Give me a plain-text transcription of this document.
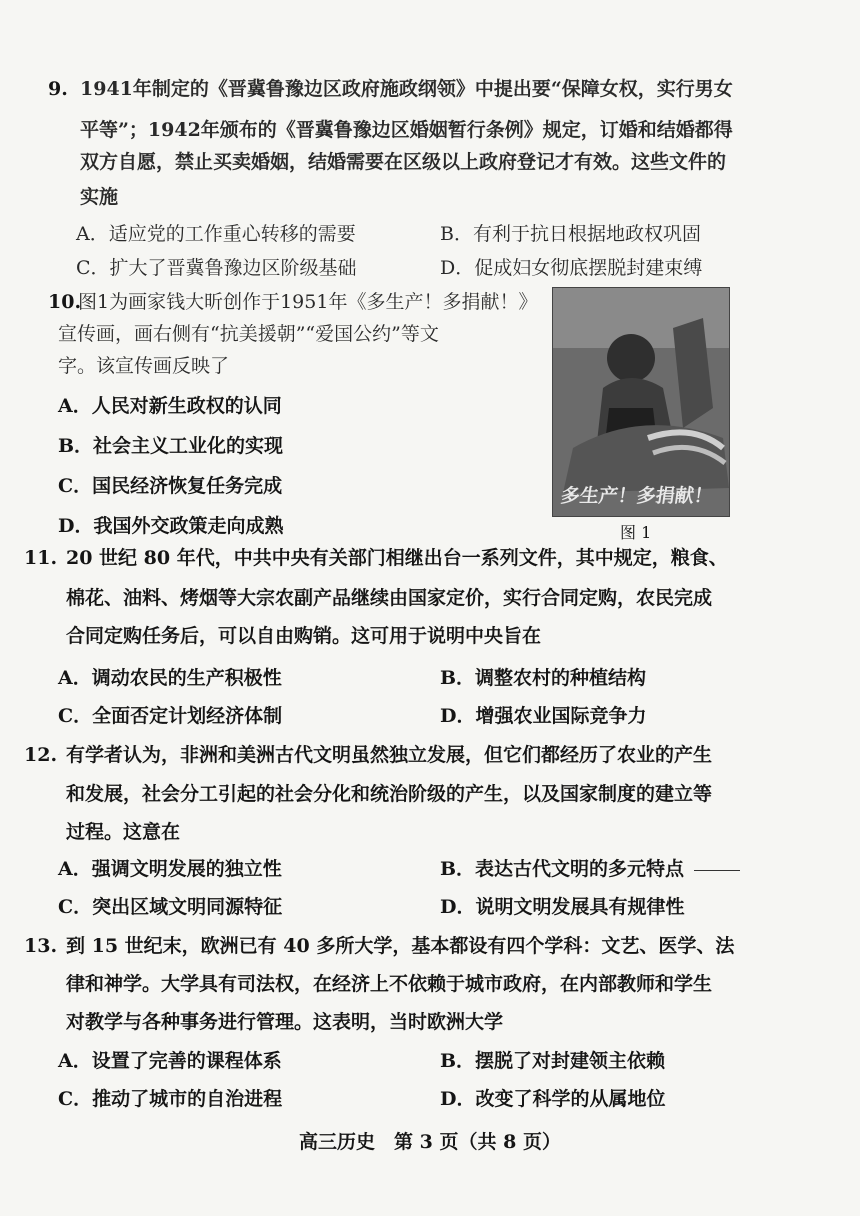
9. 1941年制定的《晋冀鲁豫边区政府施政纲领》中提出要“保障女权，实行男女
平等”；1942年颁布的《晋冀鲁豫边区婚姻暂行条例》规定，订婚和结婚都得
双方自愿，禁止买卖婚姻，结婚需要在区级以上政府登记才有效。这些文件的
实施
A．适应党的工作重心转移的需要	B．有利于抗日根据地政权巩固
C．扩大了晋冀鲁豫边区阶级基础	D．促成妇女彻底摆脱封建束缚
10.
图1为画家钱大昕创作于1951年《多生产！多捐献！》
宣传画，画右侧有“抗美援朝”“爱国公约”等文
字。该宣传画反映了
A．人民对新生政权的认同
B．社会主义工业化的实现
C．国民经济恢复任务完成
D．我国外交政策走向成熟
多生产！多捐献！
图 1
11. 20 世纪 80 年代，中共中央有关部门相继出台一系列文件，其中规定，粮食、
棉花、油料、烤烟等大宗农副产品继续由国家定价，实行合同定购，农民完成
合同定购任务后，可以自由购销。这可用于说明中央旨在
A．调动农民的生产积极性	B．调整农村的种植结构
C．全面否定计划经济体制	D．增强农业国际竞争力
12. 有学者认为，非洲和美洲古代文明虽然独立发展，但它们都经历了农业的产生
和发展，社会分工引起的社会分化和统治阶级的产生，以及国家制度的建立等
过程。这意在
A．强调文明发展的独立性	B．表达古代文明的多元特点
C．突出区域文明同源特征	D．说明文明发展具有规律性
13. 到 15 世纪末，欧洲已有 40 多所大学，基本都设有四个学科：文艺、医学、法
律和神学。大学具有司法权，在经济上不依赖于城市政府，在内部教师和学生
对教学与各种事务进行管理。这表明，当时欧洲大学
A．设置了完善的课程体系	B．摆脱了对封建领主依赖
C．推动了城市的自治进程	D．改变了科学的从属地位
高三历史　第 3 页（共 8 页）
